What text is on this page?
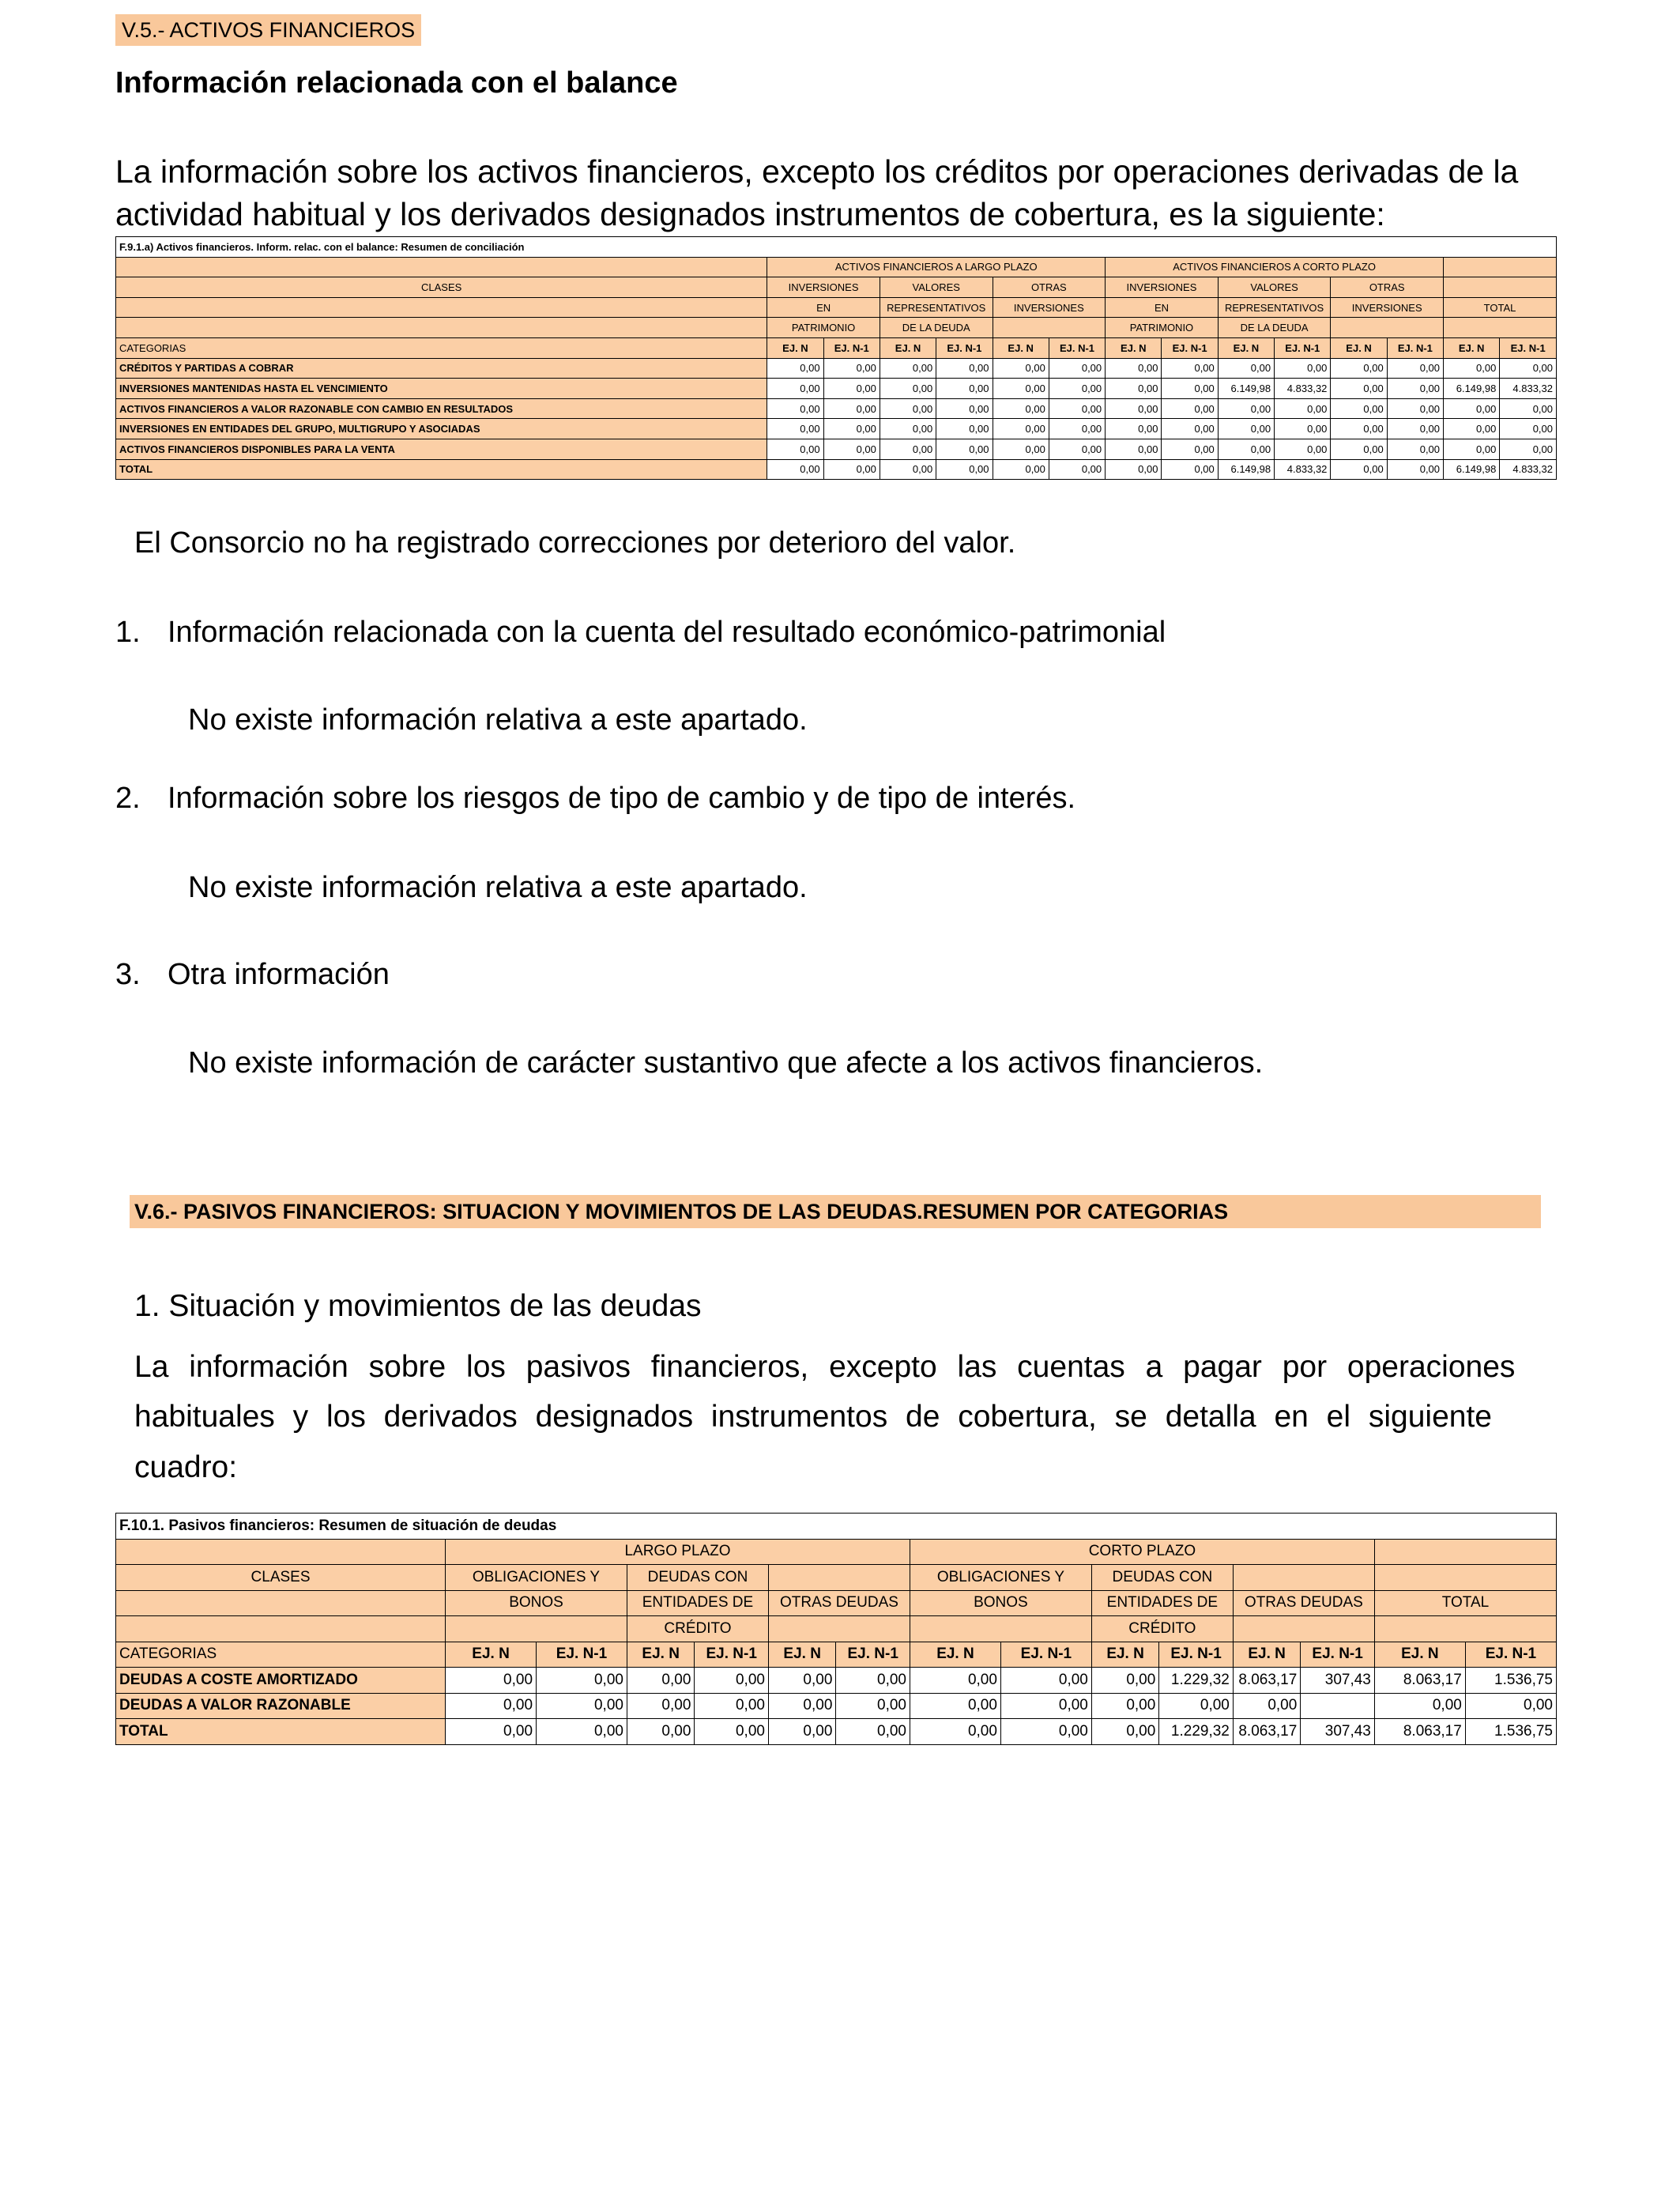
V.5.- ACTIVOS FINANCIEROS
Información relacionada con el balance
La información sobre los activos financieros, excepto los créditos por operaciones derivadas de la
actividad habitual y los derivados designados instrumentos de cobertura, es la siguiente:
F.9.1.a) Activos financieros. Inform. relac. con el balance: Resumen de conciliación														
	ACTIVOS FINANCIEROS A LARGO PLAZO						ACTIVOS FINANCIEROS A CORTO PLAZO							
CLASES	INVERSIONES		VALORES		OTRAS		INVERSIONES		VALORES		OTRAS			
	EN		REPRESENTATIVOS		INVERSIONES		EN		REPRESENTATIVOS		INVERSIONES		TOTAL	
	PATRIMONIO		DE LA DEUDA				PATRIMONIO		DE LA DEUDA					
CATEGORIAS	EJ. N	EJ. N-1	EJ. N	EJ. N-1	EJ. N	EJ. N-1	EJ. N	EJ. N-1	EJ. N	EJ. N-1	EJ. N	EJ. N-1	EJ. N	EJ. N-1
CRÉDITOS Y PARTIDAS A COBRAR	0,00	0,00	0,00	0,00	0,00	0,00	0,00	0,00	0,00	0,00	0,00	0,00	0,00	0,00
INVERSIONES MANTENIDAS HASTA EL VENCIMIENTO	0,00	0,00	0,00	0,00	0,00	0,00	0,00	0,00	6.149,98	4.833,32	0,00	0,00	6.149,98	4.833,32
ACTIVOS FINANCIEROS A VALOR RAZONABLE CON CAMBIO EN RESULTADOS	0,00	0,00	0,00	0,00	0,00	0,00	0,00	0,00	0,00	0,00	0,00	0,00	0,00	0,00
INVERSIONES EN ENTIDADES DEL GRUPO, MULTIGRUPO Y ASOCIADAS	0,00	0,00	0,00	0,00	0,00	0,00	0,00	0,00	0,00	0,00	0,00	0,00	0,00	0,00
ACTIVOS FINANCIEROS DISPONIBLES PARA LA VENTA	0,00	0,00	0,00	0,00	0,00	0,00	0,00	0,00	0,00	0,00	0,00	0,00	0,00	0,00
TOTAL	0,00	0,00	0,00	0,00	0,00	0,00	0,00	0,00	6.149,98	4.833,32	0,00	0,00	6.149,98	4.833,32
El Consorcio no ha registrado correcciones por deterioro del valor.
1. Información relacionada con la cuenta del resultado económico-patrimonial
No existe información relativa a este apartado.
2. Información sobre los riesgos de tipo de cambio y de tipo de interés.
No existe información relativa a este apartado.
3. Otra información
No existe información de carácter sustantivo que afecte a los activos financieros.
V.6.- PASIVOS FINANCIEROS: SITUACION Y MOVIMIENTOS DE LAS DEUDAS.RESUMEN POR CATEGORIAS
1. Situación y movimientos de las deudas
La información sobre los pasivos financieros, excepto las cuentas a pagar por operaciones
habituales y los derivados designados instrumentos de cobertura, se detalla en el siguiente
cuadro:
F.10.1. Pasivos financieros: Resumen de situación de deudas														
	LARGO PLAZO						CORTO PLAZO							
CLASES	OBLIGACIONES Y		DEUDAS CON				OBLIGACIONES Y		DEUDAS CON					
	BONOS		ENTIDADES DE		OTRAS DEUDAS		BONOS		ENTIDADES DE		OTRAS DEUDAS		TOTAL	
			CRÉDITO						CRÉDITO					
CATEGORIAS	EJ. N	EJ. N-1	EJ. N	EJ. N-1	EJ. N	EJ. N-1	EJ. N	EJ. N-1	EJ. N	EJ. N-1	EJ. N	EJ. N-1	EJ. N	EJ. N-1
DEUDAS A COSTE AMORTIZADO	0,00	0,00	0,00	0,00	0,00	0,00	0,00	0,00	0,00	1.229,32	8.063,17	307,43	8.063,17	1.536,75
DEUDAS A VALOR RAZONABLE	0,00	0,00	0,00	0,00	0,00	0,00	0,00	0,00	0,00	0,00	0,00		0,00	0,00
TOTAL	0,00	0,00	0,00	0,00	0,00	0,00	0,00	0,00	0,00	1.229,32	8.063,17	307,43	8.063,17	1.536,75
